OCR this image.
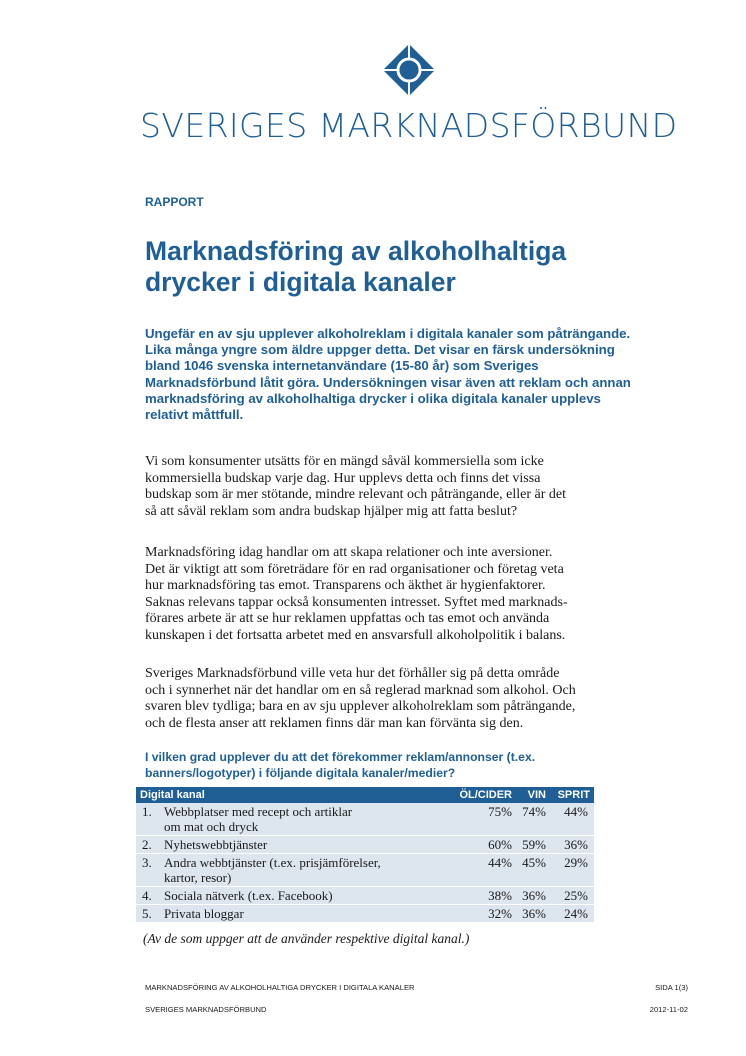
SVERIGES MARKNADSFÖRBUND
RAPPORT
Marknadsföring av alkoholhaltiga drycker i digitala kanaler

Ungefär en av sju upplever alkoholreklam i digitala kanaler som påträngande. Lika många yngre som äldre uppger detta. Det visar en färsk undersökning bland 1046 svenska internetanvändare (15-80 år) som Sveriges Marknadsförbund låtit göra. Undersökningen visar även att reklam och annan marknadsföring av alkoholhaltiga drycker i olika digitala kanaler upplevs relativt måttfull.

Vi som konsumenter utsätts för en mängd såväl kommersiella som icke
kommersiella budskap varje dag. Hur upplevs detta och finns det vissa
budskap som är mer stötande, mindre relevant och påträngande, eller är det
så att såväl reklam som andra budskap hjälper mig att fatta beslut?
Marknadsföring idag handlar om att skapa relationer och inte aversioner.
Det är viktigt att som företrädare för en rad organisationer och företag veta
hur marknadsföring tas emot. Transparens och äkthet är hygienfaktorer.
Saknas relevans tappar också konsumenten intresset. Syftet med marknads-
förares arbete är att se hur reklamen uppfattas och tas emot och använda
kunskapen i det fortsatta arbetet med en ansvarsfull alkoholpolitik i balans.
Sveriges Marknadsförbund ville veta hur det förhåller sig på detta område
och i synnerhet när det handlar om en så reglerad marknad som alkohol. Och
svaren blev tydliga; bara en av sju upplever alkoholreklam som påträngande,
och de flesta anser att reklamen finns där man kan förvänta sig den.
I vilken grad upplever du att det förekommer reklam/annonser (t.ex. banners/logotyper) i följande digitala kanaler/medier?
Digital kanal		ÖL/CIDER	VIN	SPRIT
1.	Webbplatser med recept och artiklar
om mat och dryck	75%	74%	44%
2.	Nyhetswebbtjänster	60%	59%	36%
3.	Andra webbtjänster (t.ex. prisjämförelser,
kartor, resor)	44%	45%	29%
4.	Sociala nätverk (t.ex. Facebook)	38%	36%	25%
5.	Privata bloggar	32%	36%	24%
(Av de som uppger att de använder respektive digital kanal.)
MARKNADSFÖRING AV ALKOHOLHALTIGA DRYCKER I DIGITALA KANALER
SVERIGES MARKNADSFÖRBUND
SIDA 1(3)
2012-11-02
